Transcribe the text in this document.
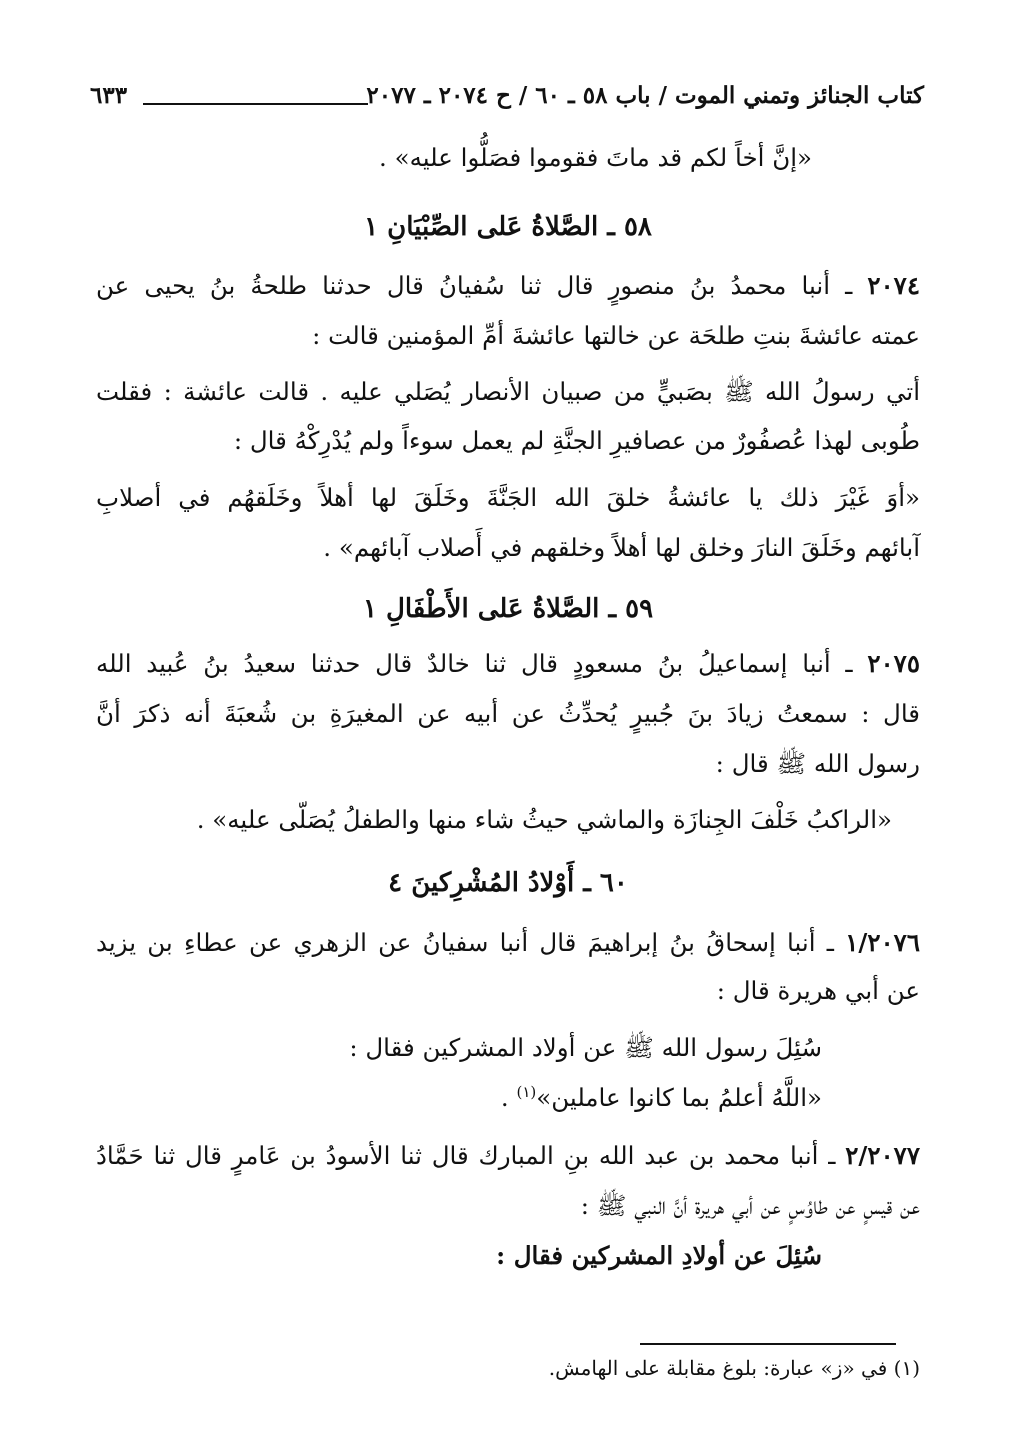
كتاب الجنائز وتمني الموت / باب ٥٨ ـ ٦٠ / ح ٢٠٧٤ ـ ٢٠٧٧
٦٣٣
«إنَّ أخاً لكم قد ماتَ فقوموا فصَلُّوا عليه» .
٥٨ ـ الصَّلاةُ عَلى الصِّبْيَانِ ١
٢٠٧٤ ـ أنبا محمدُ بنُ منصورٍ قال ثنا سُفيانُ قال حدثنا طلحةُ بنُ يحيى عن
عمته عائشةَ بنتِ طلحَة عن خالتها عائشةَ أمِّ المؤمنين قالت :
أتي رسولُ الله ﷺ بصَبيٍّ من صبيان الأنصار يُصَلي عليه . قالت عائشة : فقلت
طُوبى لهذا عُصفُورٌ من عصافيرِ الجنَّةِ لم يعمل سوءاً ولم يُدْرِكْهُ قال :
«أوَ غَيْرَ ذلك يا عائشةُ خلقَ الله الجَنَّةَ وخَلَقَ لها أهلاً وخَلَقهُم في أصلابِ
آبائهم وخَلَقَ النارَ وخلق لها أهلاً وخلقهم في أَصلاب آبائهم» .
٥٩ ـ الصَّلاةُ عَلى الأَطْفَالِ ١
٢٠٧٥ ـ أنبا إسماعيلُ بنُ مسعودٍ قال ثنا خالدٌ قال حدثنا سعيدُ بنُ عُبيد الله
قال : سمعتُ زيادَ بنَ جُبيرٍ يُحدِّثُ عن أبيه عن المغيرَةِ بن شُعبَةَ أنه ذكرَ أنَّ
رسول الله ﷺ قال :
«الراكبُ خَلْفَ الجِنازَة والماشي حيثُ شاء منها والطفلُ يُصَلّى عليه» .
٦٠ ـ أَوْلادُ المُشْرِكينَ ٤
١/٢٠٧٦ ـ أنبا إسحاقُ بنُ إبراهيمَ قال أنبا سفيانُ عن الزهري عن عطاءِ بن يزيد
عن أبي هريرة قال :
سُئِلَ رسول الله ﷺ عن أولاد المشركين فقال :
«اللَّهُ أعلمُ بما كانوا عاملين»$^{(١)}$ .
٢/٢٠٧٧ ـ أنبا محمد بن عبد الله بنِ المبارك قال ثنا الأسودُ بن عَامرٍ قال ثنا حَمَّادُ
عن قيسٍ عن طاوُسٍ عن أبي هريرة أنَّ النبي ﷺ :
سُئِلَ عن أولادِ المشركين فقال :
(١) في «ز» عبارة: بلوغ مقابلة على الهامش.
